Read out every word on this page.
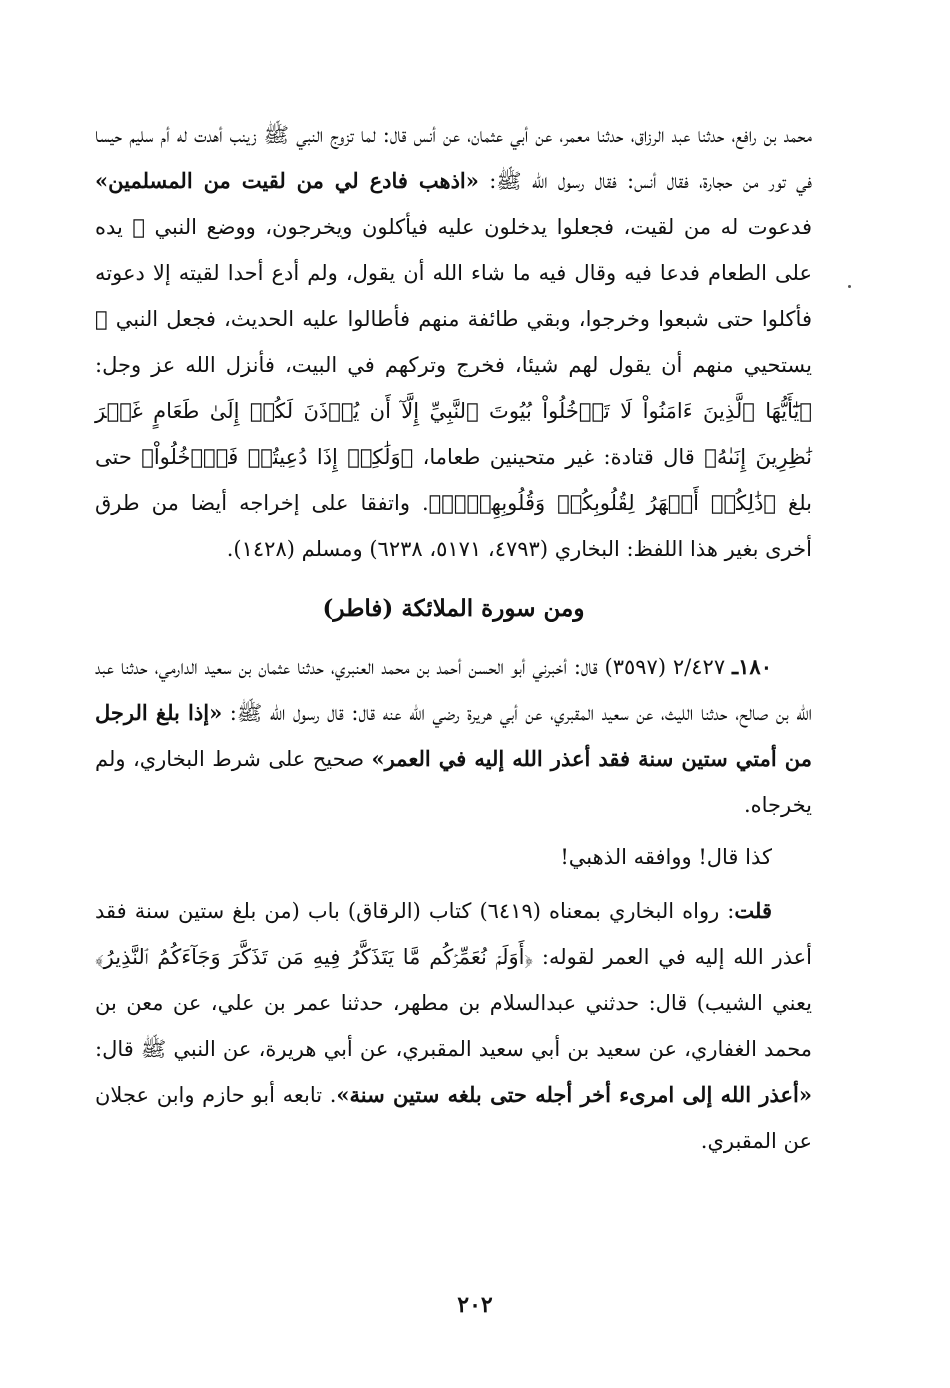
محمد بن رافع، حدثنا عبد الرزاق، حدثنا معمر، عن أبي عثمان، عن أنس قال: لما تزوج النبي ﷺ زينب أهدت له أم سليم حيسا في تور من حجارة، فقال أنس: فقال رسول الله ﷺ: «اذهب فادع لي من لقيت من المسلمين» فدعوت له من لقيت، فجعلوا يدخلون عليه فيأكلون ويخرجون، ووضع النبي ﷺ يده على الطعام فدعا فيه وقال فيه ما شاء الله أن يقول، ولم أدع أحدا لقيته إلا دعوته فأكلوا حتى شبعوا وخرجوا، وبقي طائفة منهم فأطالوا عليه الحديث، فجعل النبي ﷺ يستحيي منهم أن يقول لهم شيئا، فخرج وتركهم في البيت، فأنزل الله عز وجل: ﴿يَٰٓأَيُّهَا ٱلَّذِينَ ءَامَنُواْ لَا تَدۡخُلُواْ بُيُوتَ ٱلنَّبِيِّ إِلَّآ أَن يُؤۡذَنَ لَكُمۡ إِلَىٰ طَعَامٍ غَيۡرَ نَٰظِرِينَ إِنَىٰهُ﴾ قال قتادة: غير متحينين طعاما، ﴿وَلَٰكِنۡ إِذَا دُعِيتُمۡ فَٱدۡخُلُواْ﴾ حتى بلغ ﴿ذَٰلِكُمۡ أَطۡهَرُ لِقُلُوبِكُمۡ وَقُلُوبِهِنَّۚ﴾. واتفقا على إخراجه أيضا من طرق أخرى بغير هذا اللفظ: البخاري (٤٧٩٣، ٥١٧١، ٦٢٣٨) ومسلم (١٤٢٨).

ومن سورة الملائكة (فاطر)

١٨٠ـ ٢/٤٢٧ (٣٥٩٧) قال: أخبرني أبو الحسن أحمد بن محمد العنبري، حدثنا عثمان بن سعيد الدارمي، حدثنا عبد الله بن صالح، حدثنا الليث، عن سعيد المقبري، عن أبي هريرة رضي الله عنه قال: قال رسول الله ﷺ: «إذا بلغ الرجل من أمتي ستين سنة فقد أعذر الله إليه في العمر» صحيح على شرط البخاري، ولم يخرجاه.

كذا قال! ووافقه الذهبي!

قلت: رواه البخاري بمعناه (٦٤١٩) كتاب (الرقاق) باب (من بلغ ستين سنة فقد أعذر الله إليه في العمر لقوله: ﴿أَوَلَمۡ نُعَمِّرۡكُم مَّا يَتَذَكَّرُ فِيهِ مَن تَذَكَّرَ وَجَآءَكُمُ ٱلنَّذِيرُ﴾ يعني الشيب) قال: حدثني عبدالسلام بن مطهر، حدثنا عمر بن علي، عن معن بن محمد الغفاري، عن سعيد بن أبي سعيد المقبري، عن أبي هريرة، عن النبي ﷺ قال: «أعذر الله إلى امرىء أخر أجله حتى بلغه ستين سنة». تابعه أبو حازم وابن عجلان عن المقبري.

٢٠٢
